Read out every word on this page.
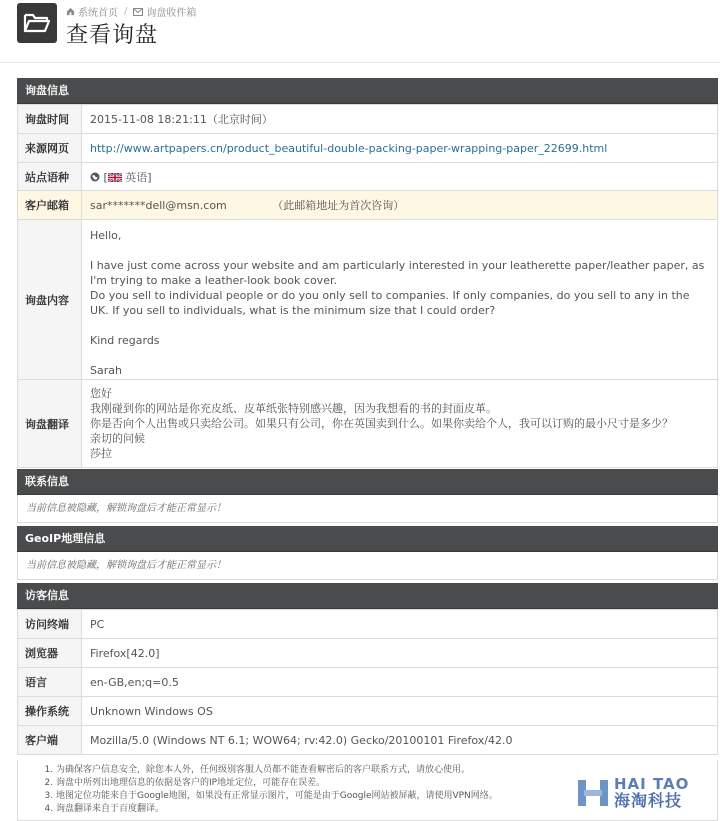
系统首页 / 询盘收件箱
查看询盘
询盘信息
询盘时间	2015-11-08 18:21:11（北京时间）
来源网页	http://www.artpapers.cn/product_beautiful-double-packing-paper-wrapping-paper_22699.html
站点语种	[ 英语]
客户邮箱	sar*******dell@msn.com （此邮箱地址为首次咨询）
询盘内容	Hello,

I have just come across your website and am particularly interested in your leatherette paper/leather paper, as I'm trying to make a leather-look book cover.

Do you sell to individual people or do you only sell to companies. If only companies, do you sell to any in the UK. If you sell to individuals, what is the minimum size that I could order?

Kind regards

Sarah

询盘翻译	您好

我刚碰到你的网站是你充皮纸、皮革纸张特别感兴趣，因为我想看的书的封面皮革。

你是否向个人出售或只卖给公司。如果只有公司，你在英国卖到什么。如果你卖给个人，我可以订购的最小尺寸是多少？

亲切的问候

莎拉

联系信息
当前信息被隐藏，解锁询盘后才能正常显示！
GeoIP地理信息
当前信息被隐藏，解锁询盘后才能正常显示！
访客信息
访问终端	PC
浏览器	Firefox[42.0]
语言	en-GB,en;q=0.5
操作系统	Unknown Windows OS
客户端	Mozilla/5.0 (Windows NT 6.1; WOW64; rv:42.0) Gecko/20100101 Firefox/42.0
1. 为确保客户信息安全，除您本人外，任何级别客服人员都不能查看解密后的客户联系方式，请放心使用。
2. 询盘中所列出地理信息的依据是客户的IP地址定位，可能存在误差。
3. 地图定位功能来自于Google地图，如果没有正常显示图片，可能是由于Google网站被屏蔽，请使用VPN网络。
4. 询盘翻译来自于百度翻译。
HAI TAO
海淘科技
